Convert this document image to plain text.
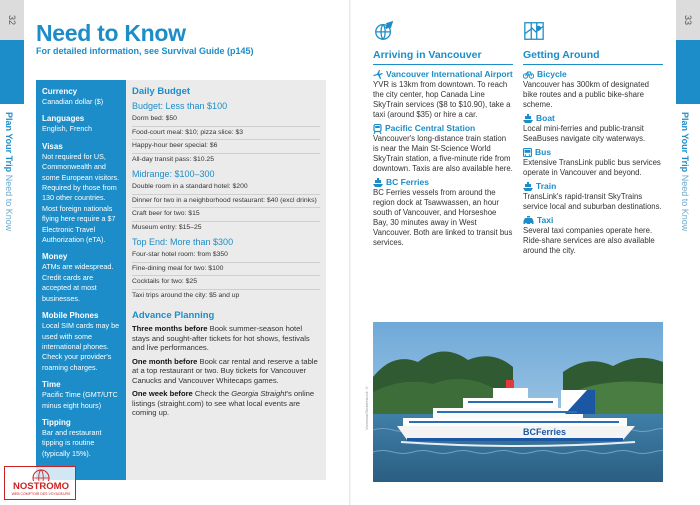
32
Plan Your Trip Need to Know
33
Plan Your Trip Need to Know
Need to Know
For detailed information, see Survival Guide (p145)
Currency
Canadian dollar ($)
Languages
English, French
Visas
Not required for US, Commonwealth and some European visitors. Required by those from 130 other countries. Most foreign nationals flying here require a $7 Electronic Travel Authorization (eTA).
Money
ATMs are widespread. Credit cards are accepted at most businesses.
Mobile Phones
Local SIM cards may be used with some international phones. Check your provider's roaming charges.
Time
Pacific Time (GMT/UTC minus eight hours)
Tipping
Bar and restaurant tipping is routine (typically 15%).
Daily Budget
Budget: Less than $100
Dorm bed: $50
Food-court meal: $10; pizza slice: $3
Happy-hour beer special: $6
All-day transit pass: $10.25
Midrange: $100–300
Double room in a standard hotel: $200
Dinner for two in a neighborhood restaurant: $40 (excl drinks)
Craft beer for two: $15
Museum entry: $15–25
Top End: More than $300
Four-star hotel room: from $350
Fine-dining meal for two: $100
Cocktails for two: $25
Taxi trips around the city: $5 and up
Advance Planning

Three months before Book summer-season hotel stays and sought-after tickets for hot shows, festivals and live performances.

One month before Book car rental and reserve a table at a top restaurant or two. Buy tickets for Vancouver Canucks and Vancouver Whitecaps games.

One week before Check the Georgia Straight's online listings (straight.com) to see what local events are coming up.

Arriving in Vancouver
Vancouver International Airport
YVR is 13km from downtown. To reach the city center, hop Canada Line SkyTrain services ($8 to $10.90), take a taxi (around $35) or hire a car.
Pacific Central Station
Vancouver's long-distance train station is near the Main St-Science World SkyTrain station, a five-minute ride from downtown. Taxis are also available here.
BC Ferries
BC Ferries vessels from around the region dock at Tsawwassen, an hour south of Vancouver, and Horseshoe Bay, 30 minutes away in West Vancouver. Both are linked to transit bus services.
Getting Around
Bicycle
Vancouver has 300km of designated bike routes and a public bike-share scheme.
Boat
Local mini-ferries and public-transit SeaBuses navigate city waterways.
Bus
Extensive TransLink public bus services operate in Vancouver and beyond.
Train
TransLink's rapid-transit SkyTrains service local and suburban destinations.
Taxi
Several taxi companies operate here. Ride-share services are also available around the city.
Vanessa/Shutterstock ©
BCFerries
NOSTROMO
WEB COMPTOIR DES VOYAGEURS
